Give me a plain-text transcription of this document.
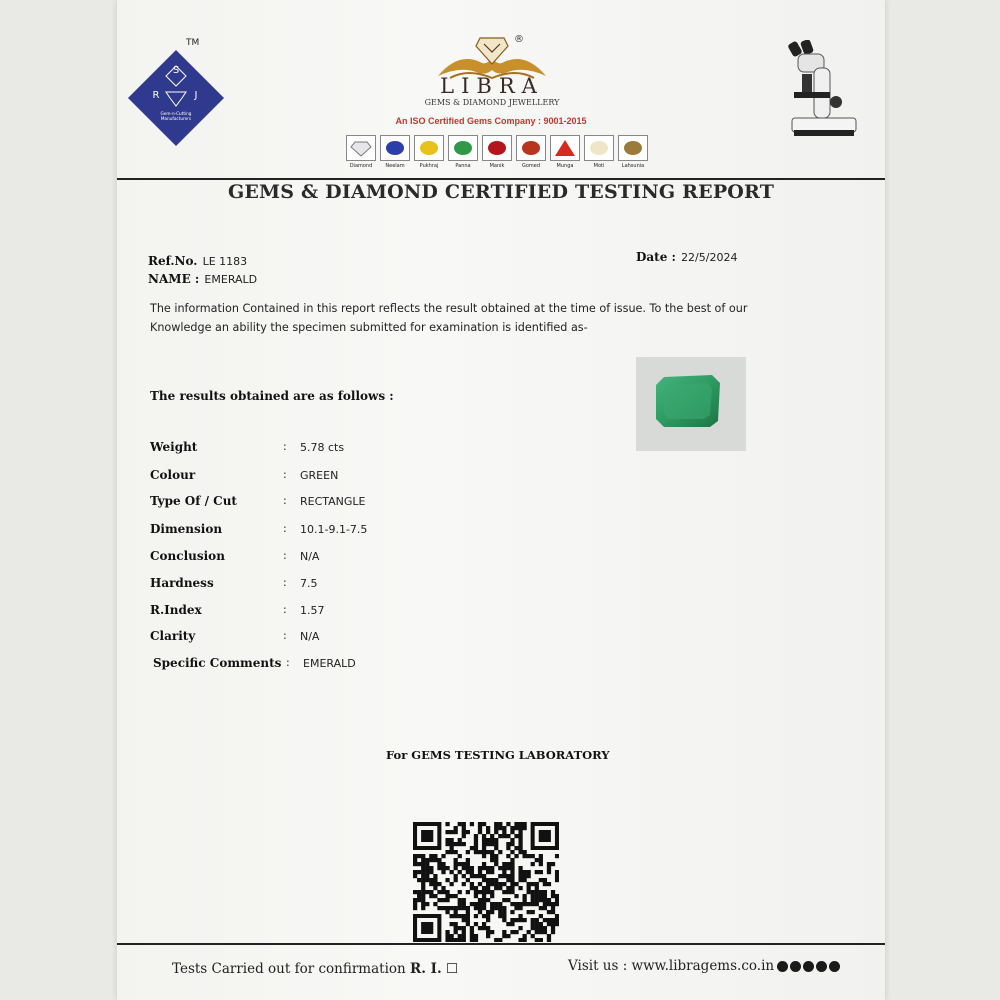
TM
S
R	J
Gem-n-Cutting
Manufacturers
®
LIBRA
GEMS & DIAMOND JEWELLERY
An ISO Certified Gems Company : 9001-2015
Diamond	Neelam	Pukhraj	Panna	Manik	Gomed	Munga	Moti	Lahsunia
GEMS & DIAMOND CERTIFIED TESTING REPORT
Ref.No. LE 1183
NAME : EMERALD
Date : 22/5/2024
The information Contained in this report reflects the result obtained at the time of issue. To the best of our Knowledge an ability the specimen submitted for examination is identified as-
The results obtained are as follows :
Weight	: 5.78 cts
Colour	: GREEN
Type Of / Cut	: RECTANGLE
Dimension	: 10.1-9.1-7.5
Conclusion	: N/A
Hardness	: 7.5
R.Index	: 1.57
Clarity	: N/A
Specific Comments : EMERALD
For GEMS TESTING LABORATORY
Tests Carried out for confirmation R. I. ☐	Visit us : www.libragems.co.in
